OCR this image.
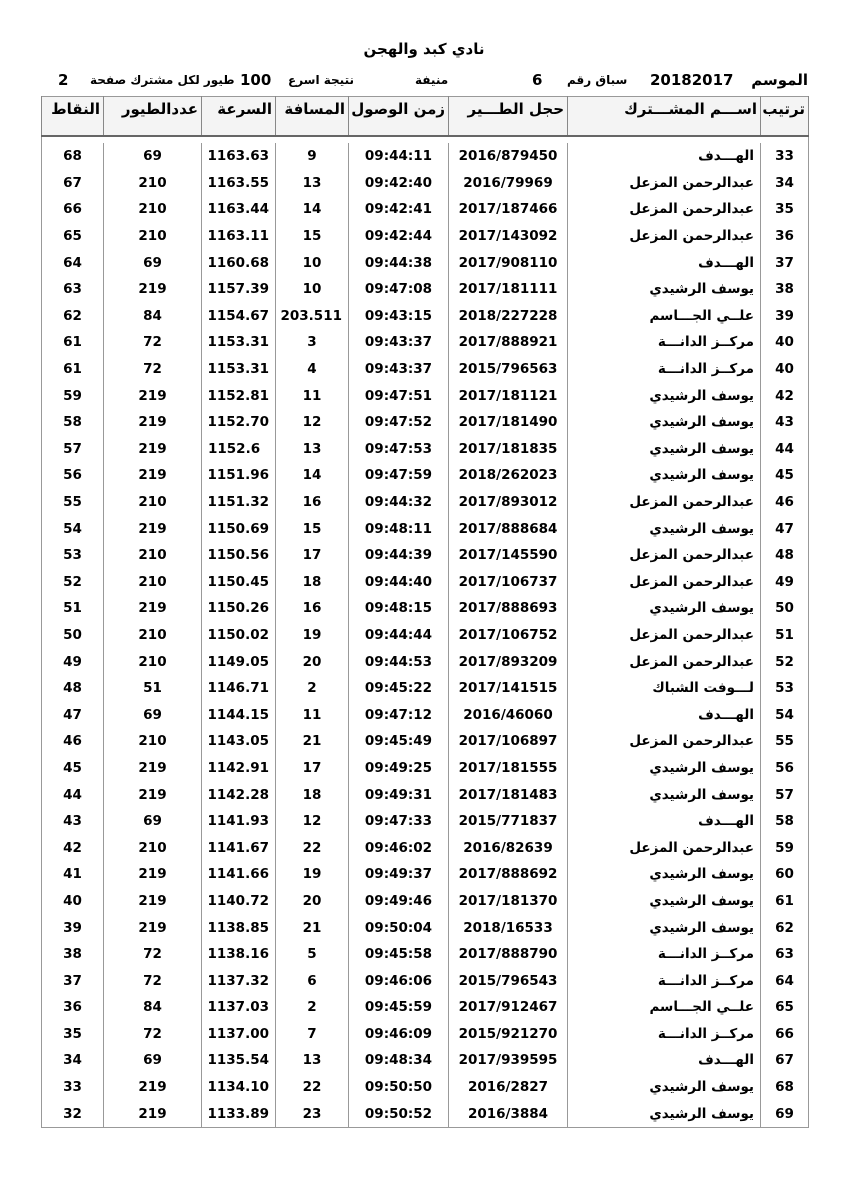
نادي كبد والهجن
الموسم
20182017
سباق رقم
6
منيفة
نتيجة اسرع
100
طيور لكل مشترك صفحة
2
ترتيب	اســـم المشـــترك	حجل الطـــير	زمن الوصول	المسافة	السرعة	عددالطيور	النقاط

33	الهـــدف	2016/879450	09:44:11	9	1163.63	69	68
34	عبدالرحمن المزعل	2016/79969	09:42:40	13	1163.55	210	67
35	عبدالرحمن المزعل	2017/187466	09:42:41	14	1163.44	210	66
36	عبدالرحمن المزعل	2017/143092	09:42:44	15	1163.11	210	65
37	الهـــدف	2017/908110	09:44:38	10	1160.68	69	64
38	يوسف الرشيدي	2017/181111	09:47:08	10	1157.39	219	63
39	علــي الجـــاسم	2018/227228	09:43:15	203.511	1154.67	84	62
40	مركــز الدانـــة	2017/888921	09:43:37	3	1153.31	72	61
40	مركــز الدانـــة	2015/796563	09:43:37	4	1153.31	72	61
42	يوسف الرشيدي	2017/181121	09:47:51	11	1152.81	219	59
43	يوسف الرشيدي	2017/181490	09:47:52	12	1152.70	219	58
44	يوسف الرشيدي	2017/181835	09:47:53	13	1152.6	219	57
45	يوسف الرشيدي	2018/262023	09:47:59	14	1151.96	219	56
46	عبدالرحمن المزعل	2017/893012	09:44:32	16	1151.32	210	55
47	يوسف الرشيدي	2017/888684	09:48:11	15	1150.69	219	54
48	عبدالرحمن المزعل	2017/145590	09:44:39	17	1150.56	210	53
49	عبدالرحمن المزعل	2017/106737	09:44:40	18	1150.45	210	52
50	يوسف الرشيدي	2017/888693	09:48:15	16	1150.26	219	51
51	عبدالرحمن المزعل	2017/106752	09:44:44	19	1150.02	210	50
52	عبدالرحمن المزعل	2017/893209	09:44:53	20	1149.05	210	49
53	لـــوفت الشباك	2017/141515	09:45:22	2	1146.71	51	48
54	الهـــدف	2016/46060	09:47:12	11	1144.15	69	47
55	عبدالرحمن المزعل	2017/106897	09:45:49	21	1143.05	210	46
56	يوسف الرشيدي	2017/181555	09:49:25	17	1142.91	219	45
57	يوسف الرشيدي	2017/181483	09:49:31	18	1142.28	219	44
58	الهـــدف	2015/771837	09:47:33	12	1141.93	69	43
59	عبدالرحمن المزعل	2016/82639	09:46:02	22	1141.67	210	42
60	يوسف الرشيدي	2017/888692	09:49:37	19	1141.66	219	41
61	يوسف الرشيدي	2017/181370	09:49:46	20	1140.72	219	40
62	يوسف الرشيدي	2018/16533	09:50:04	21	1138.85	219	39
63	مركــز الدانـــة	2017/888790	09:45:58	5	1138.16	72	38
64	مركــز الدانـــة	2015/796543	09:46:06	6	1137.32	72	37
65	علــي الجـــاسم	2017/912467	09:45:59	2	1137.03	84	36
66	مركــز الدانـــة	2015/921270	09:46:09	7	1137.00	72	35
67	الهـــدف	2017/939595	09:48:34	13	1135.54	69	34
68	يوسف الرشيدي	2016/2827	09:50:50	22	1134.10	219	33
69	يوسف الرشيدي	2016/3884	09:50:52	23	1133.89	219	32
